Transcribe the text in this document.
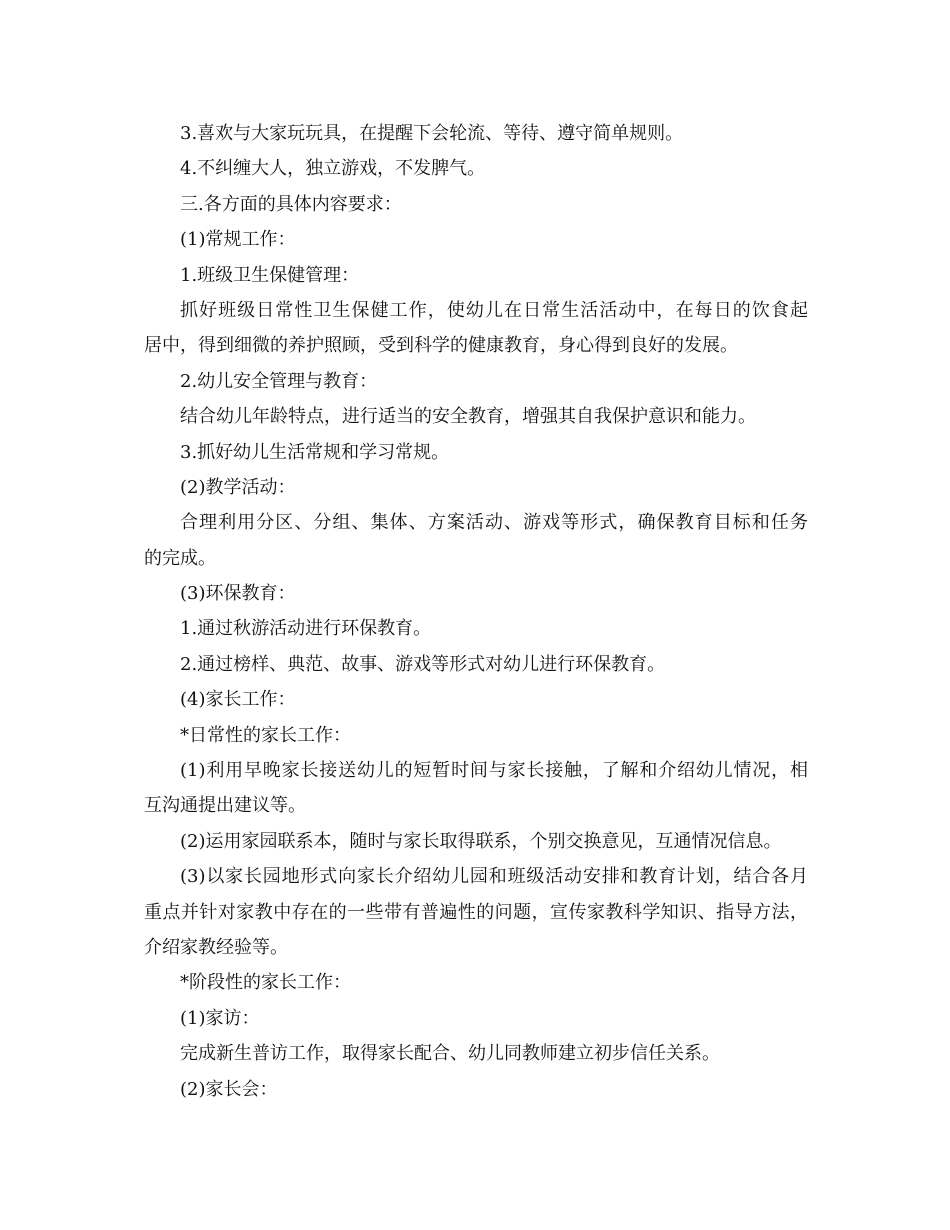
3.喜欢与大家玩玩具，在提醒下会轮流、等待、遵守简单规则。
4.不纠缠大人，独立游戏，不发脾气。
三.各方面的具体内容要求：
(1)常规工作：
1.班级卫生保健管理：
抓好班级日常性卫生保健工作，使幼儿在日常生活活动中，在每日的饮食起
居中，得到细微的养护照顾，受到科学的健康教育，身心得到良好的发展。
2.幼儿安全管理与教育：
结合幼儿年龄特点，进行适当的安全教育，增强其自我保护意识和能力。
3.抓好幼儿生活常规和学习常规。
(2)教学活动：
合理利用分区、分组、集体、方案活动、游戏等形式，确保教育目标和任务
的完成。
(3)环保教育：
1.通过秋游活动进行环保教育。
2.通过榜样、典范、故事、游戏等形式对幼儿进行环保教育。
(4)家长工作：
*日常性的家长工作：
(1)利用早晚家长接送幼儿的短暂时间与家长接触，了解和介绍幼儿情况，相
互沟通提出建议等。
(2)运用家园联系本，随时与家长取得联系，个别交换意见，互通情况信息。
(3)以家长园地形式向家长介绍幼儿园和班级活动安排和教育计划，结合各月
重点并针对家教中存在的一些带有普遍性的问题，宣传家教科学知识、指导方法，
介绍家教经验等。
*阶段性的家长工作：
(1)家访：
完成新生普访工作，取得家长配合、幼儿同教师建立初步信任关系。
(2)家长会：
